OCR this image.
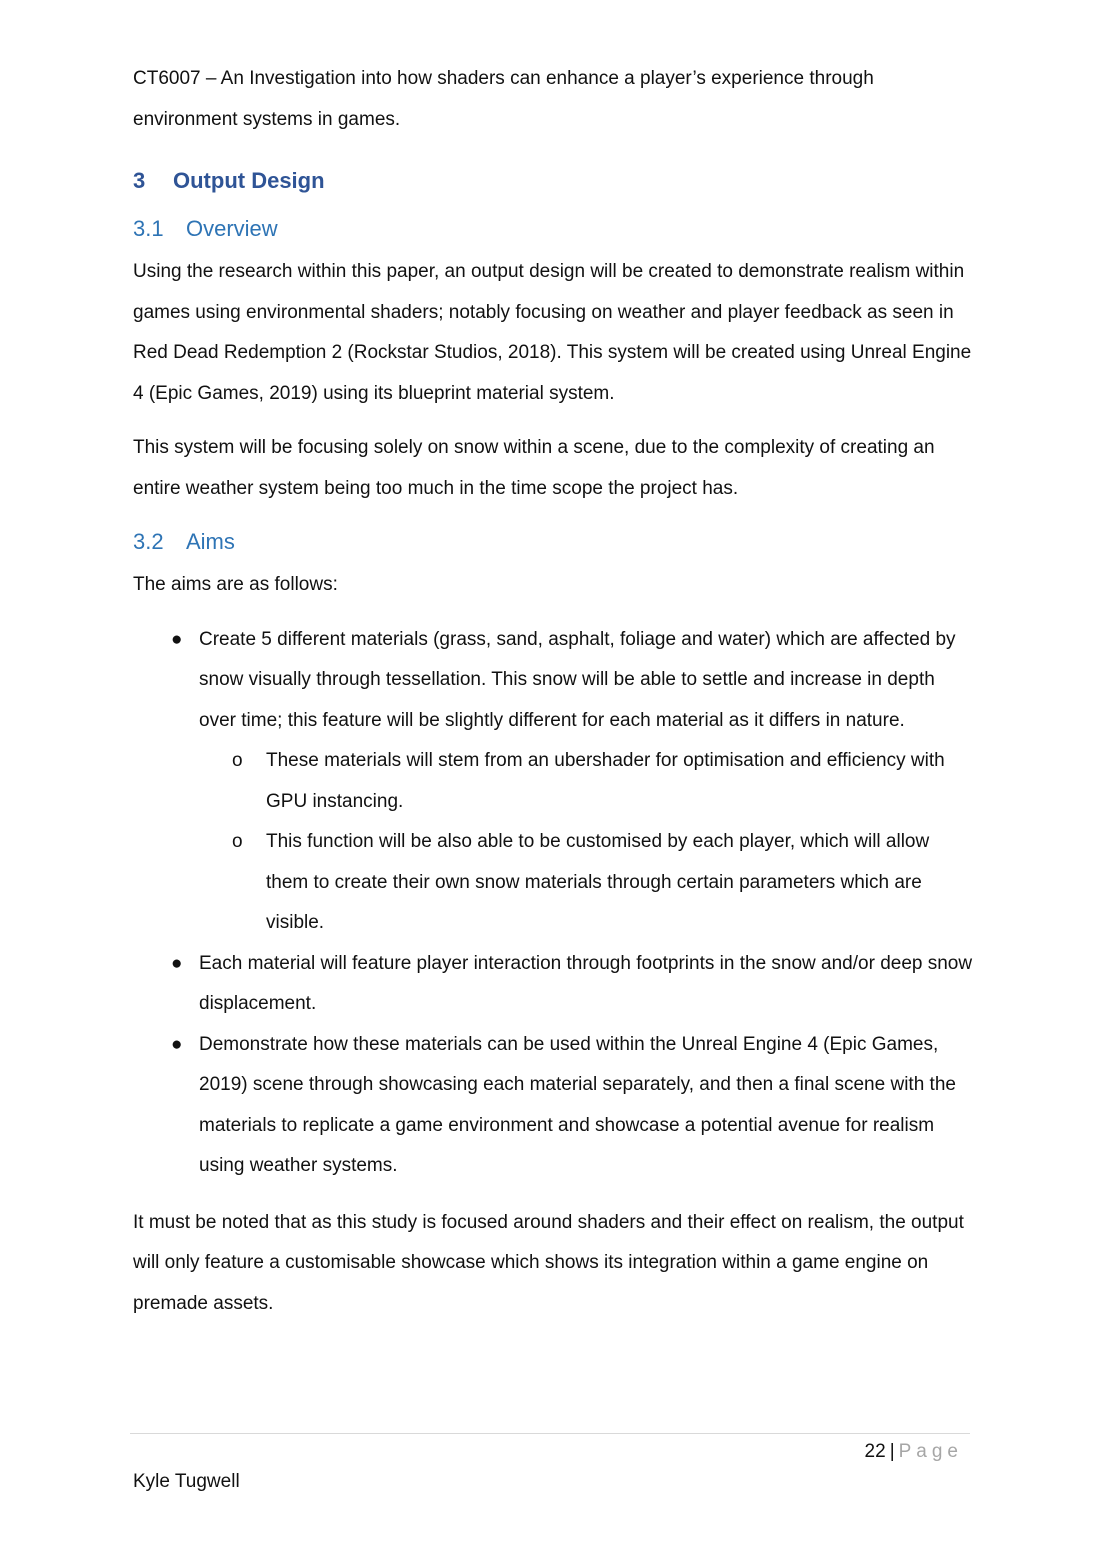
CT6007 – An Investigation into how shaders can enhance a player’s experience through environment systems in games.

3 Output Design
3.1 Overview

Using the research within this paper, an output design will be created to demonstrate realism within games using environmental shaders; notably focusing on weather and player feedback as seen in Red Dead Redemption 2 (Rockstar Studios, 2018). This system will be created using Unreal Engine 4 (Epic Games, 2019) using its blueprint material system.

This system will be focusing solely on snow within a scene, due to the complexity of creating an entire weather system being too much in the time scope the project has.

3.2 Aims

The aims are as follows:

● Create 5 different materials (grass, sand, asphalt, foliage and water) which are affected by snow visually through tessellation. This snow will be able to settle and increase in depth over time; this feature will be slightly different for each material as it differs in nature.
o These materials will stem from an ubershader for optimisation and efficiency with GPU instancing.
o This function will be also able to be customised by each player, which will allow them to create their own snow materials through certain parameters which are visible.
● Each material will feature player interaction through footprints in the snow and/or deep snow displacement.
● Demonstrate how these materials can be used within the Unreal Engine 4 (Epic Games, 2019) scene through showcasing each material separately, and then a final scene with the materials to replicate a game environment and showcase a potential avenue for realism using weather systems.

It must be noted that as this study is focused around shaders and their effect on realism, the output will only feature a customisable showcase which shows its integration within a game engine on premade assets.

22 | Page
Kyle Tugwell
